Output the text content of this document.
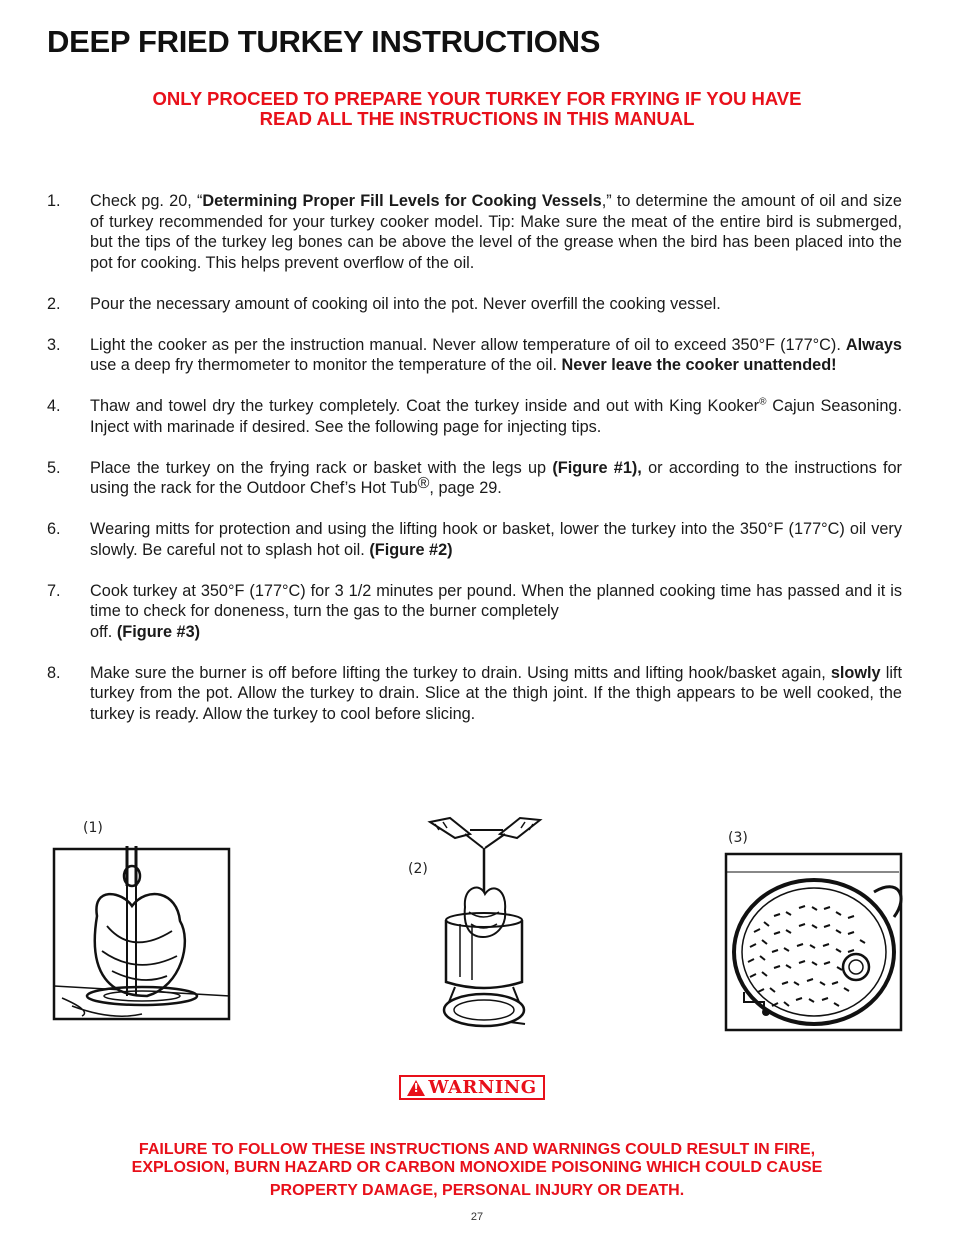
DEEP FRIED TURKEY INSTRUCTIONS
ONLY PROCEED TO PREPARE YOUR TURKEY FOR FRYING IF YOU HAVE
READ ALL THE INSTRUCTIONS IN THIS MANUAL
1.	Check pg. 20, “Determining Proper Fill Levels for Cooking Vessels,” to determine the amount of oil and size of turkey recommended for your turkey cooker model. Tip: Make sure the meat of the entire bird is submerged, but the tips of the turkey leg bones can be above the level of the grease when the bird has been placed into the pot for cooking. This helps prevent overflow of the oil.
2.	Pour the necessary amount of cooking oil into the pot. Never overfill the cooking vessel.
3.	Light the cooker as per the instruction manual. Never allow temperature of oil to exceed 350°F (177°C). Always use a deep fry thermometer to monitor the temperature of the oil. Never leave the cooker unattended!
4.	Thaw and towel dry the turkey completely. Coat the turkey inside and out with King Kooker® Cajun Seasoning. Inject with marinade if desired. See the following page for injecting tips.
5.	Place the turkey on the frying rack or basket with the legs up (Figure #1), or according to the instructions for using the rack for the Outdoor Chef’s Hot Tub®, page 29.
6.	Wearing mitts for protection and using the lifting hook or basket, lower the turkey into the 350°F (177°C) oil very slowly. Be careful not to splash hot oil. (Figure #2)
7.	Cook turkey at 350°F (177°C) for 3 1/2 minutes per pound. When the planned cooking time has passed and it is time to check for doneness, turn the gas to the burner completely
off. (Figure #3)
8.	Make sure the burner is off before lifting the turkey to drain. Using mitts and lifting hook/basket again, slowly lift turkey from the pot. Allow the turkey to drain. Slice at the thigh joint. If the thigh appears to be well cooked, the turkey is ready. Allow the turkey to cool before slicing.
(1)
(2)
(3)
!
WARNING
FAILURE TO FOLLOW THESE INSTRUCTIONS AND WARNINGS COULD RESULT IN FIRE,
EXPLOSION, BURN HAZARD OR CARBON MONOXIDE POISONING WHICH COULD CAUSE
PROPERTY DAMAGE, PERSONAL INJURY OR DEATH.
27
